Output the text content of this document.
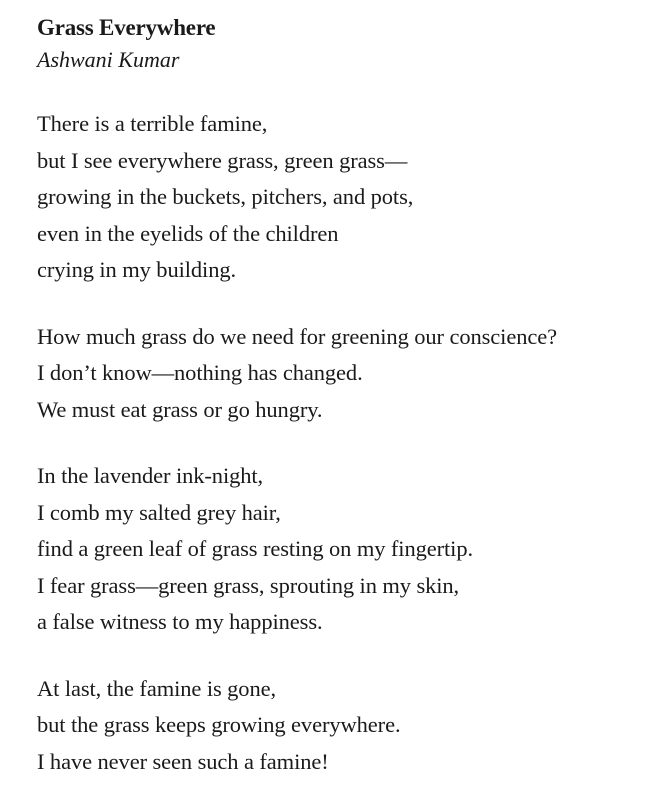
Grass Everywhere
Ashwani Kumar
There is a terrible famine,
but I see everywhere grass, green grass—
growing in the buckets, pitchers, and pots,
even in the eyelids of the children
crying in my building.
How much grass do we need for greening our conscience?
I don’t know—nothing has changed.
We must eat grass or go hungry.
In the lavender ink-night,
I comb my salted grey hair,
find a green leaf of grass resting on my fingertip.
I fear grass—green grass, sprouting in my skin,
a false witness to my happiness.
At last, the famine is gone,
but the grass keeps growing everywhere.
I have never seen such a famine!
